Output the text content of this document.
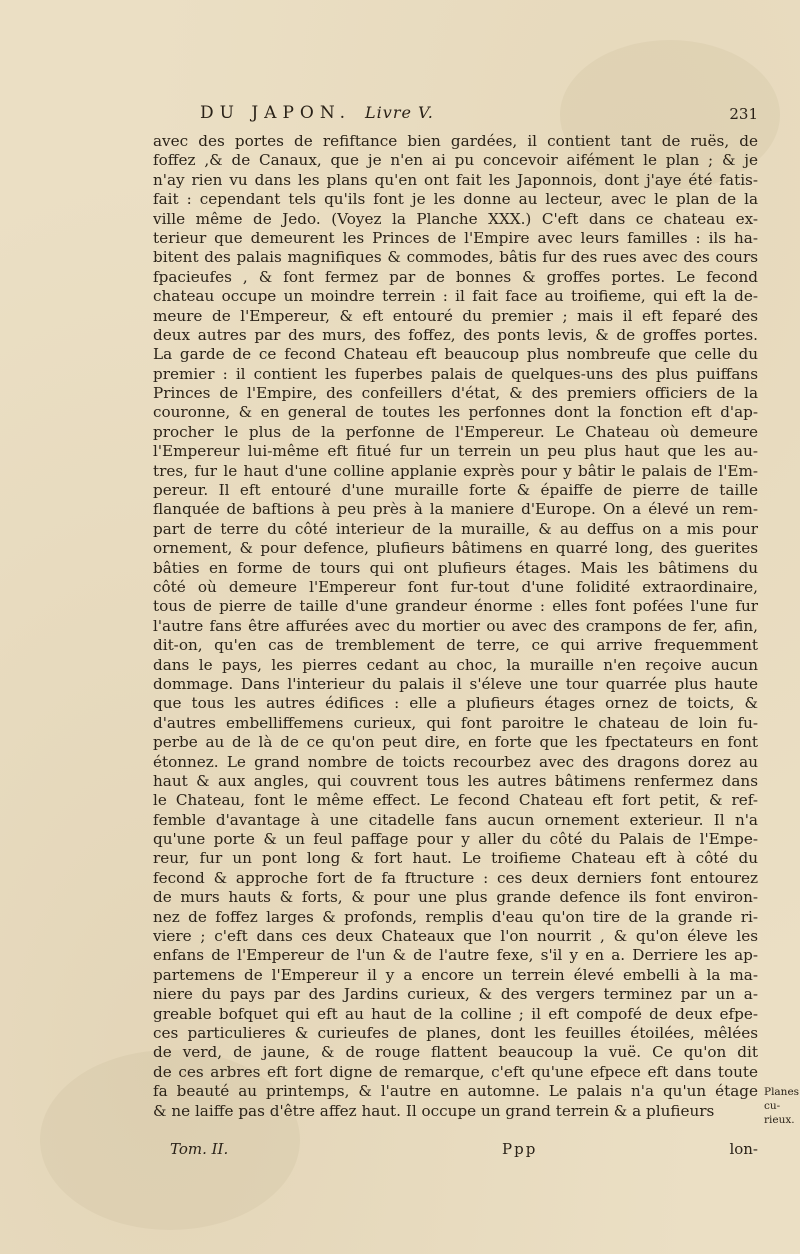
DU JAPON. Livre V.	231
avec des portes de refiftance bien gardées, il contient tant de ruës, de
foffez ,& de Canaux, que je n'en ai pu concevoir aifément le plan ; & je
n'ay rien vu dans les plans qu'en ont fait les Japonnois, dont j'aye été fatis-
fait : cependant tels qu'ils font je les donne au lecteur, avec le plan de la
ville même de Jedo. (Voyez la Planche XXX.) C'eft dans ce chateau ex-
terieur que demeurent les Princes de l'Empire avec leurs familles : ils ha-
bitent des palais magnifiques & commodes, bâtis fur des rues avec des cours
fpacieufes , & font fermez par de bonnes & groffes portes. Le fecond
chateau occupe un moindre terrein : il fait face au troifieme, qui eft la de-
meure de l'Empereur, & eft entouré du premier ; mais il eft feparé des
deux autres par des murs, des foffez, des ponts levis, & de groffes portes.
La garde de ce fecond Chateau eft beaucoup plus nombreufe que celle du
premier : il contient les fuperbes palais de quelques-uns des plus puiffans
Princes de l'Empire, des confeillers d'état, & des premiers officiers de la
couronne, & en general de toutes les perfonnes dont la fonction eft d'ap-
procher le plus de la perfonne de l'Empereur. Le Chateau où demeure
l'Empereur lui-même eft fitué fur un terrein un peu plus haut que les au-
tres, fur le haut d'une colline applanie exprès pour y bâtir le palais de l'Em-
pereur. Il eft entouré d'une muraille forte & épaiffe de pierre de taille
flanquée de baftions à peu près à la maniere d'Europe. On a élevé un rem-
part de terre du côté interieur de la muraille, & au deffus on a mis pour
ornement, & pour defence, plufieurs bâtimens en quarré long, des guerites
bâties en forme de tours qui ont plufieurs étages. Mais les bâtimens du
côté où demeure l'Empereur font fur-tout d'une folidité extraordinaire,
tous de pierre de taille d'une grandeur énorme : elles font pofées l'une fur
l'autre fans être affurées avec du mortier ou avec des crampons de fer, afin,
dit-on, qu'en cas de tremblement de terre, ce qui arrive frequemment
dans le pays, les pierres cedant au choc, la muraille n'en reçoive aucun
dommage. Dans l'interieur du palais il s'éleve une tour quarrée plus haute
que tous les autres édifices : elle a plufieurs étages ornez de toicts, &
d'autres embelliffemens curieux, qui font paroitre le chateau de loin fu-
perbe au de là de ce qu'on peut dire, en forte que les fpectateurs en font
étonnez. Le grand nombre de toicts recourbez avec des dragons dorez au
haut & aux angles, qui couvrent tous les autres bâtimens renfermez dans
le Chateau, font le même effect. Le fecond Chateau eft fort petit, & ref-
femble d'avantage à une citadelle fans aucun ornement exterieur. Il n'a
qu'une porte & un feul paffage pour y aller du côté du Palais de l'Empe-
reur, fur un pont long & fort haut. Le troifieme Chateau eft à côté du
fecond & approche fort de fa ftructure : ces deux derniers font entourez
de murs hauts & forts, & pour une plus grande defence ils font environ-
nez de foffez larges & profonds, remplis d'eau qu'on tire de la grande ri-
viere ; c'eft dans ces deux Chateaux que l'on nourrit , & qu'on éleve les
enfans de l'Empereur de l'un & de l'autre fexe, s'il y en a. Derriere les ap-
partemens de l'Empereur il y a encore un terrein élevé embelli à la ma-
niere du pays par des Jardins curieux, & des vergers terminez par un a-
greable bofquet qui eft au haut de la colline ; il eft compofé de deux efpe-
ces particulieres & curieufes de planes, dont les feuilles étoilées, mêlées
de verd, de jaune, & de rouge flattent beaucoup la vuë. Ce qu'on dit
de ces arbres eft fort digne de remarque, c'eft qu'une efpece eft dans toute
fa beauté au printemps, & l'autre en automne. Le palais n'a qu'un étage
& ne laiffe pas d'être affez haut. Il occupe un grand terrein & a plufieurs
Planes cu-
rieux.
Tom. II.	Ppp	lon-
